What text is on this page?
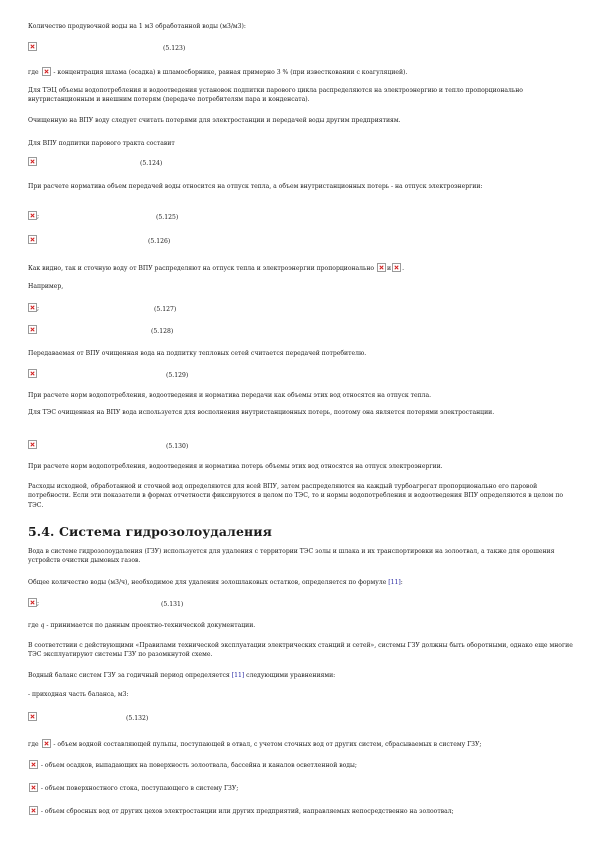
Количество продувочной воды на 1 м3 обработанной воды (м3/м3):
(5.123)
где  - концентрация шлама (осадка) в шламосборнике, равная примерно 3 % (при известковании с коагуляцией).
Для ТЭЦ объемы водопотребления и водоотведения установок подпитки парового цикла распределяются на электроэнергию и тепло пропорционально внутристанционным и внешним потерям (передаче потребителям пара и конденсата).
Очищенную на ВПУ воду следует считать потерями для электростанции и передачей воды другим предприятиям.
Для ВПУ подпитки парового тракта составит
(5.124)
При расчете норматива объем передачей воды относится на отпуск тепла, а объем внутристанционных потерь - на отпуск электроэнергии:
;	(5.125)
(5.126)
Как видно, так и сточную воду от ВПУ распределяют на отпуск тепла и электроэнергии пропорционально и .
Например,
;	(5.127)
(5.128)
Передаваемая от ВПУ очищенная вода на подпитку тепловых сетей считается передачей потребителю.
(5.129)
При расчете норм водопотребления, водоотведения и норматива передачи как объемы этих вод относятся на отпуск тепла.
Для ТЭС очищенная на ВПУ вода используется для восполнения внутристанционных потерь, поэтому она является потерями электростанции.
(5.130)
При расчете норм водопотребления, водоотведения и норматива потерь объемы этих вод относятся на отпуск электроэнергии.
Расходы исходной, обработанной и сточной вод определяются для всей ВПУ, затем распределяются на каждый турбоагрегат пропорционально его паровой потребности. Если эти показатели в формах отчетности фиксируются в целом по ТЭС, то и нормы водопотребления и водоотведения ВПУ определяются в целом по ТЭС.
5.4. Система гидрозолоудаления
Вода в системе гидрозолоудаления (ГЗУ) используется для удаления с территории ТЭС золы и шлака и их транспортировки на золоотвал, а также для орошения устройств очистки дымовых газов.
Общее количество воды (м3/ч), необходимое для удаления золошлаковых остатков, определяется по формуле [11]:
;	(5.131)
где q - принимается по данным проектно-технической документации.
В соответствии с действующими «Правилами технической эксплуатации электрических станций и сетей», системы ГЗУ должны быть оборотными, однако еще многие ТЭС эксплуатируют системы ГЗУ по разомкнутой схеме.
Водный баланс систем ГЗУ за годичный период определяется [11] следующими уравнениями:
- приходная часть баланса, м3:
(5.132)
где  - объем водной составляющей пульпы, поступающей в отвал, с учетом сточных вод от других систем, сбрасываемых в систему ГЗУ;
- объем осадков, выпадающих на поверхность золоотвала, бассейна и каналов осветленной воды;
- объем поверхностного стока, поступающего в систему ГЗУ;
- объем сбросных вод от других цехов электростанции или других предприятий, направляемых непосредственно на золоотвал;
